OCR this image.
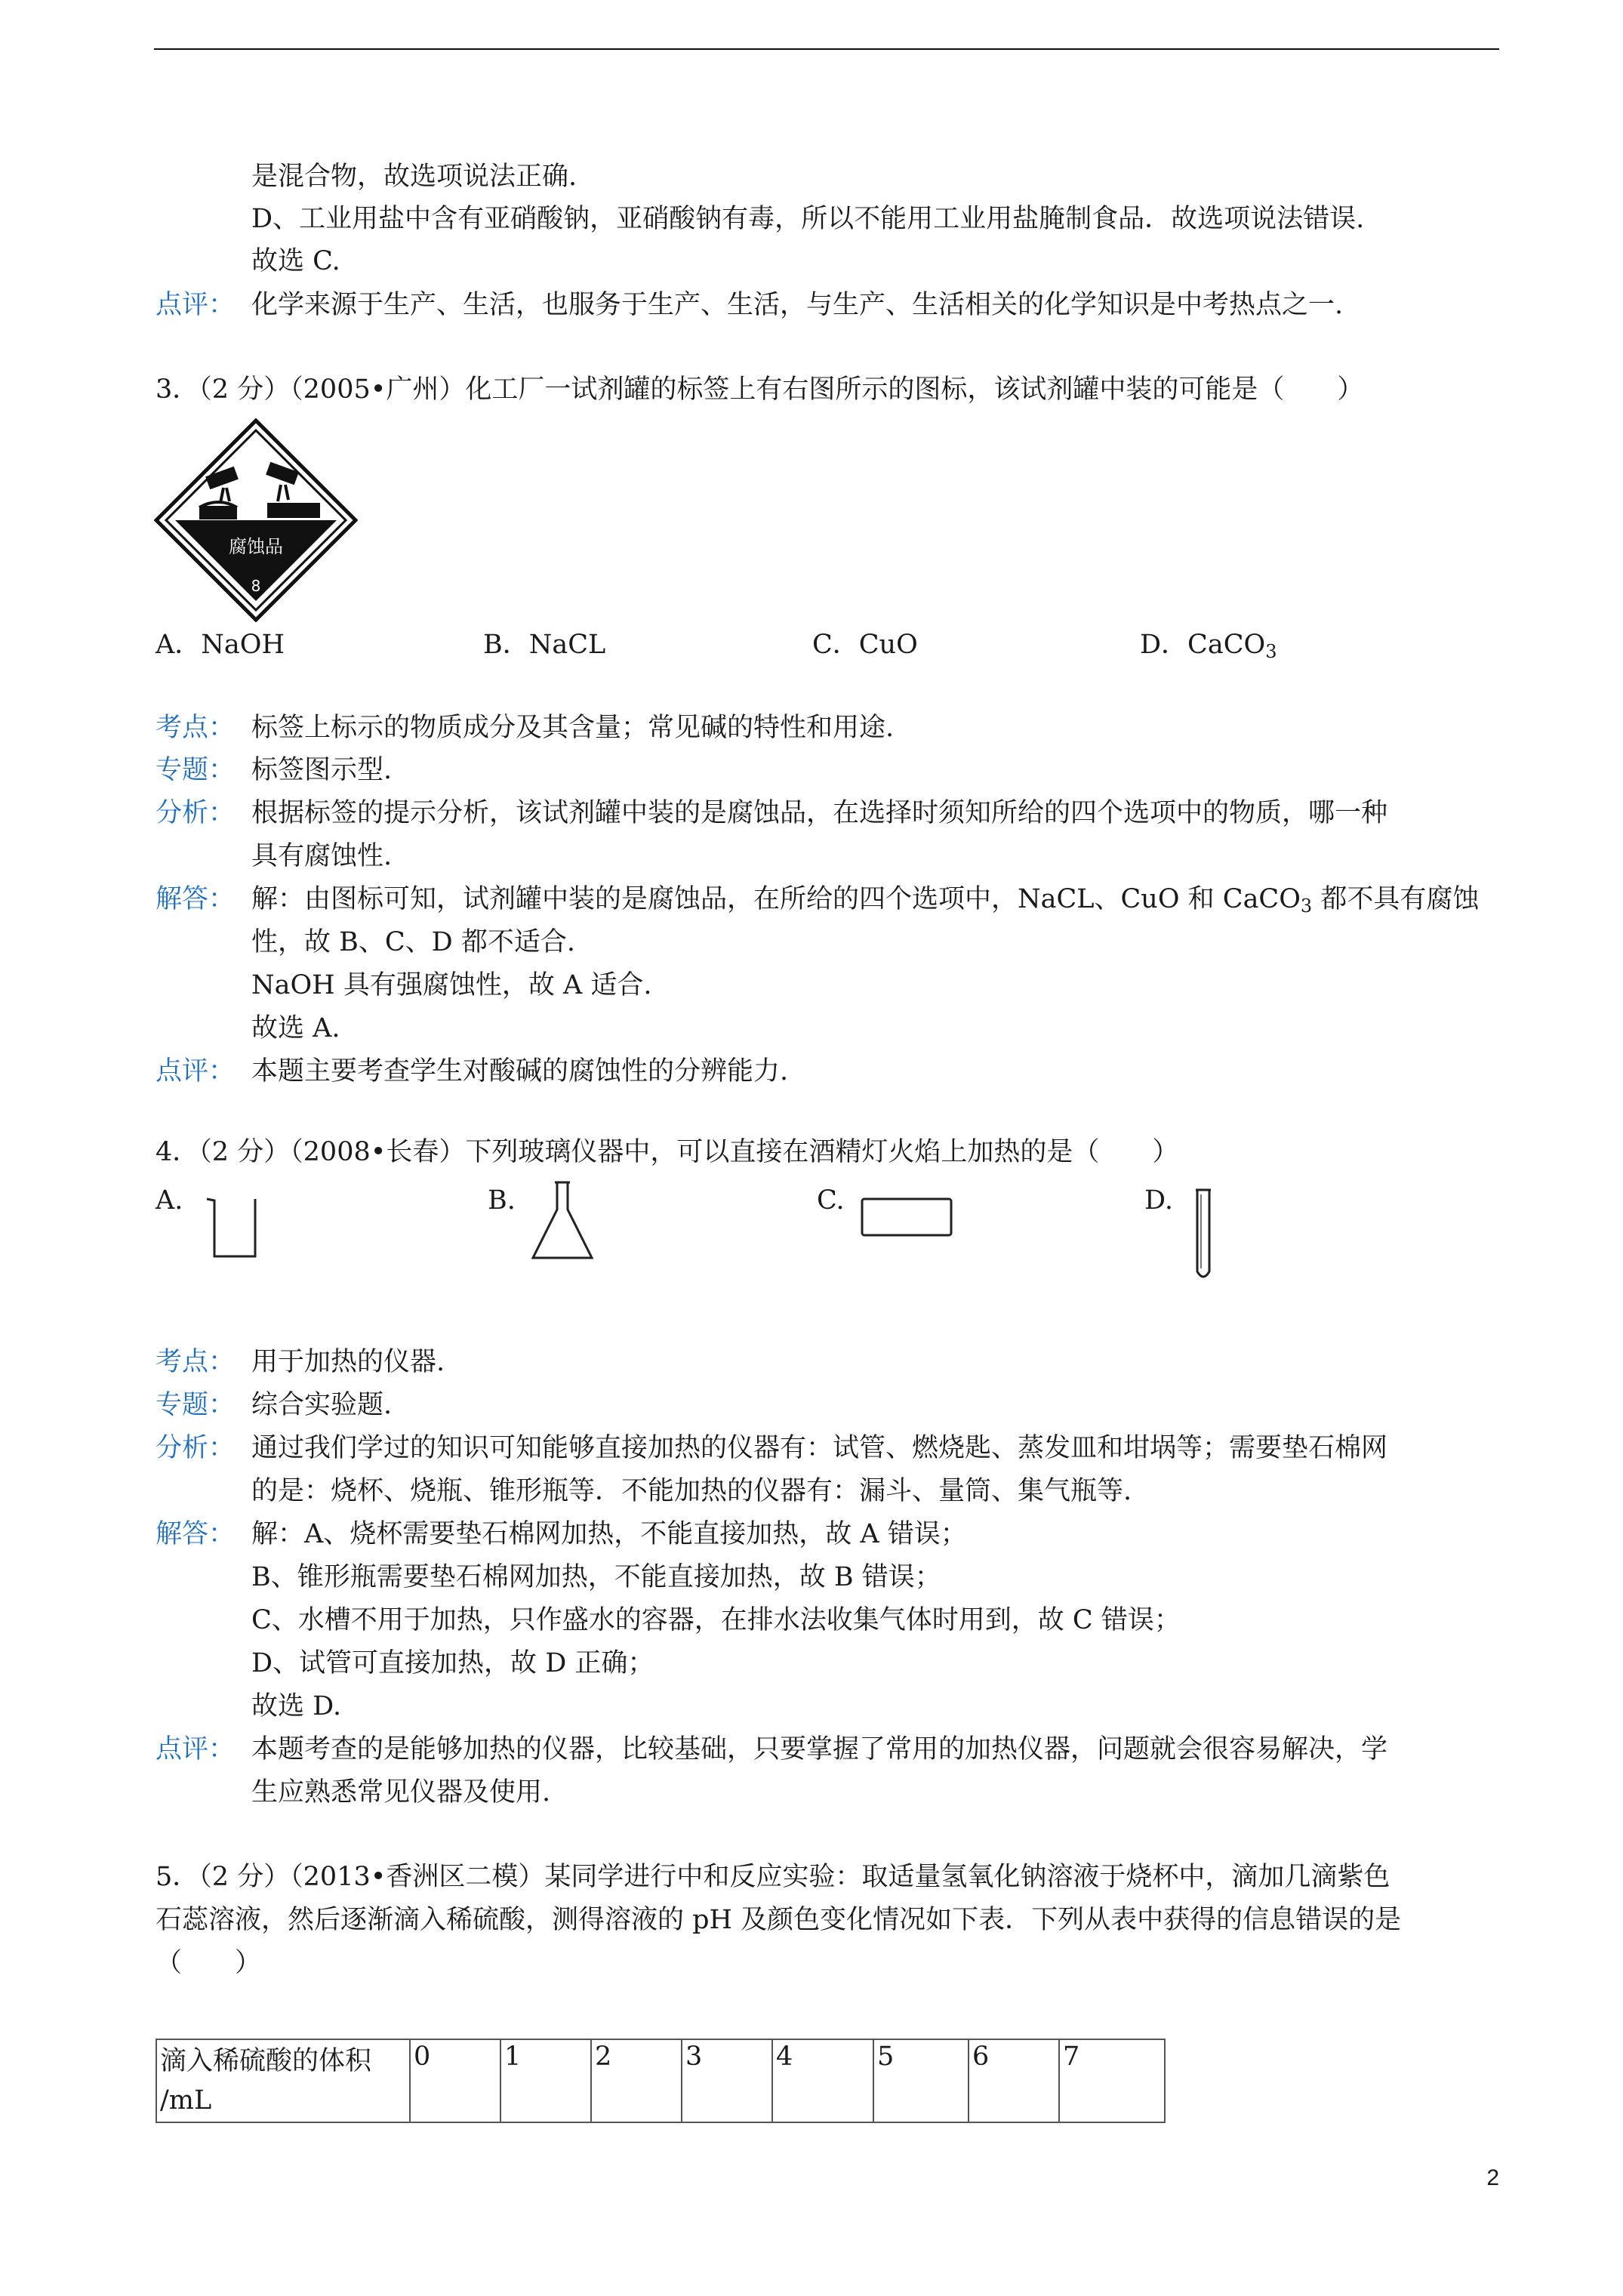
是混合物，故选项说法正确.
D、工业用盐中含有亚硝酸钠，亚硝酸钠有毒，所以不能用工业用盐腌制食品．故选项说法错误.
故选 C.
点评： 化学来源于生产、生活，也服务于生产、生活，与生产、生活相关的化学知识是中考热点之一.
3．（2 分）（2005•广州）化工厂一试剂罐的标签上有右图所示的图标，该试剂罐中装的可能是（　　）
腐蚀品
8
A．NaOH	B．NaCL	C．CuO	D．CaCO$_3$
考点： 标签上标示的物质成分及其含量；常见碱的特性和用途.
专题： 标签图示型.
分析： 根据标签的提示分析，该试剂罐中装的是腐蚀品，在选择时须知所给的四个选项中的物质，哪一种
具有腐蚀性.
解答： 解：由图标可知，试剂罐中装的是腐蚀品，在所给的四个选项中，NaCL、CuO 和 CaCO$_3$ 都不具有腐蚀
性，故 B、C、D 都不适合.
NaOH 具有强腐蚀性，故 A 适合.
故选 A.
点评： 本题主要考查学生对酸碱的腐蚀性的分辨能力.
4．（2 分）（2008•长春）下列玻璃仪器中，可以直接在酒精灯火焰上加热的是（　　）
A.	B.	C.	D.
考点： 用于加热的仪器.
专题： 综合实验题.
分析： 通过我们学过的知识可知能够直接加热的仪器有：试管、燃烧匙、蒸发皿和坩埚等；需要垫石棉网
的是：烧杯、烧瓶、锥形瓶等．不能加热的仪器有：漏斗、量筒、集气瓶等.
解答： 解：A、烧杯需要垫石棉网加热，不能直接加热，故 A 错误；
B、锥形瓶需要垫石棉网加热，不能直接加热，故 B 错误；
C、水槽不用于加热，只作盛水的容器，在排水法收集气体时用到，故 C 错误；
D、试管可直接加热，故 D 正确；
故选 D.
点评： 本题考查的是能够加热的仪器，比较基础，只要掌握了常用的加热仪器，问题就会很容易解决，学
生应熟悉常见仪器及使用.
5．（2 分）（2013•香洲区二模）某同学进行中和反应实验：取适量氢氧化钠溶液于烧杯中，滴加几滴紫色
石蕊溶液，然后逐渐滴入稀硫酸，测得溶液的 pH 及颜色变化情况如下表．下列从表中获得的信息错误的是
（　　）
滴入稀硫酸的体积
/mL	0	1	2	3	4	5	6	7
2
